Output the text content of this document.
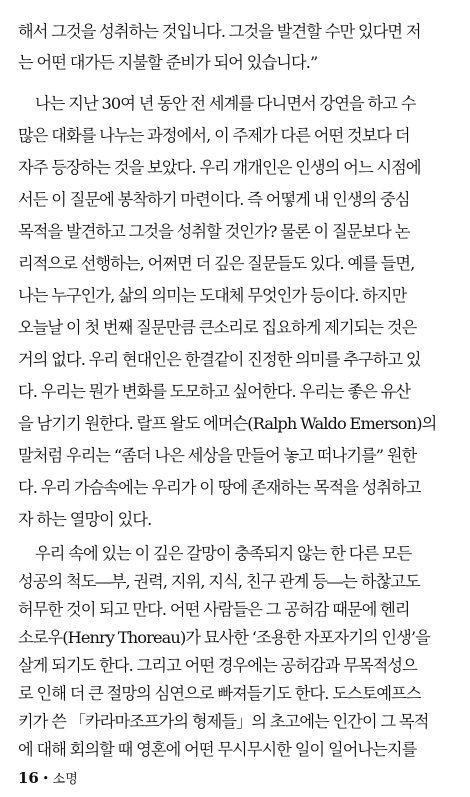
해서 그것을 성취하는 것입니다. 그것을 발견할 수만 있다면 저
는 어떤 대가든 지불할 준비가 되어 있습니다.”
나는 지난 30여 년 동안 전 세계를 다니면서 강연을 하고 수
많은 대화를 나누는 과정에서, 이 주제가 다른 어떤 것보다 더
자주 등장하는 것을 보았다. 우리 개개인은 인생의 어느 시점에
서든 이 질문에 봉착하기 마련이다. 즉 어떻게 내 인생의 중심
목적을 발견하고 그것을 성취할 것인가? 물론 이 질문보다 논
리적으로 선행하는, 어쩌면 더 깊은 질문들도 있다. 예를 들면,
나는 누구인가, 삶의 의미는 도대체 무엇인가 등이다. 하지만
오늘날 이 첫 번째 질문만큼 큰소리로 집요하게 제기되는 것은
거의 없다. 우리 현대인은 한결같이 진정한 의미를 추구하고 있
다. 우리는 뭔가 변화를 도모하고 싶어한다. 우리는 좋은 유산
을 남기기 원한다. 랄프 왈도 에머슨(Ralph Waldo Emerson)의
말처럼 우리는 “좀더 나은 세상을 만들어 놓고 떠나기를” 원한
다. 우리 가슴속에는 우리가 이 땅에 존재하는 목적을 성취하고
자 하는 열망이 있다.
우리 속에 있는 이 깊은 갈망이 충족되지 않는 한 다른 모든
성공의 척도―부, 권력, 지위, 지식, 친구 관계 등―는 하찮고도
허무한 것이 되고 만다. 어떤 사람들은 그 공허감 때문에 헨리
소로우(Henry Thoreau)가 묘사한 ‘조용한 자포자기의 인생’을
살게 되기도 한다. 그리고 어떤 경우에는 공허감과 무목적성으
로 인해 더 큰 절망의 심연으로 빠져들기도 한다. 도스토예프스
키가 쓴 「카라마조프가의 형제들」의 초고에는 인간이 그 목적
에 대해 회의할 때 영혼에 어떤 무시무시한 일이 일어나는지를
16 • 소명
